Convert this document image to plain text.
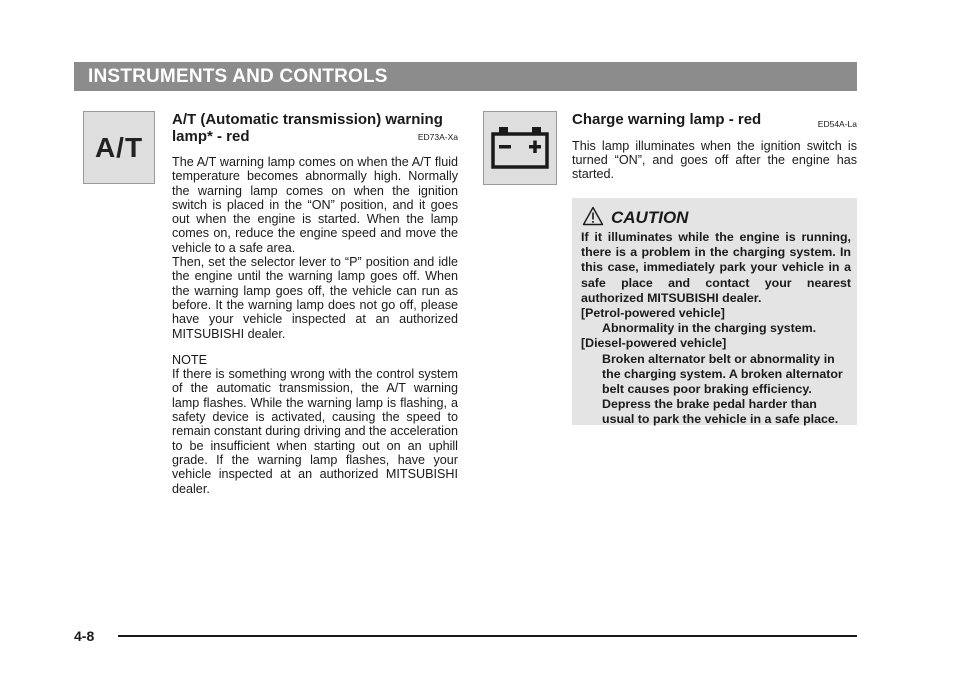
INSTRUMENTS AND CONTROLS
A/T
A/T (Automatic transmission) warning lamp* - red	ED73A-Xa

The A/T warning lamp comes on when the A/T fluid temperature becomes abnormally high. Normally the warning lamp comes on when the ignition switch is placed in the “ON” position, and it goes out when the engine is started. When the lamp comes on, reduce the engine speed and move the vehicle to a safe area.

Then, set the selector lever to “P” position and idle the engine until the warning lamp goes off. When the warning lamp goes off, the vehicle can run as before. It the warning lamp does not go off, please have your vehicle inspected at an authorized MITSUBISHI dealer.

NOTE

If there is something wrong with the control system of the automatic transmission, the A/T warning lamp flashes. While the warning lamp is flashing, a safety device is activated, causing the speed to remain constant during driving and the acceleration to be insufficient when starting out on an uphill grade. If the warning lamp flashes, have your vehicle inspected at an authorized MITSUBISHI dealer.

Charge warning lamp - red	ED54A-La

This lamp illuminates when the ignition switch is turned “ON”, and goes off after the engine has started.

CAUTION

If it illuminates while the engine is running, there is a problem in the charging system. In this case, immediately park your vehicle in a safe place and contact your nearest authorized MITSUBISHI dealer.

[Petrol-powered vehicle]

Abnormality in the charging system.

[Diesel-powered vehicle]

Broken alternator belt or abnormality in the charging system. A broken alternator belt causes poor braking efficiency. Depress the brake pedal harder than usual to park the vehicle in a safe place.

4-8
